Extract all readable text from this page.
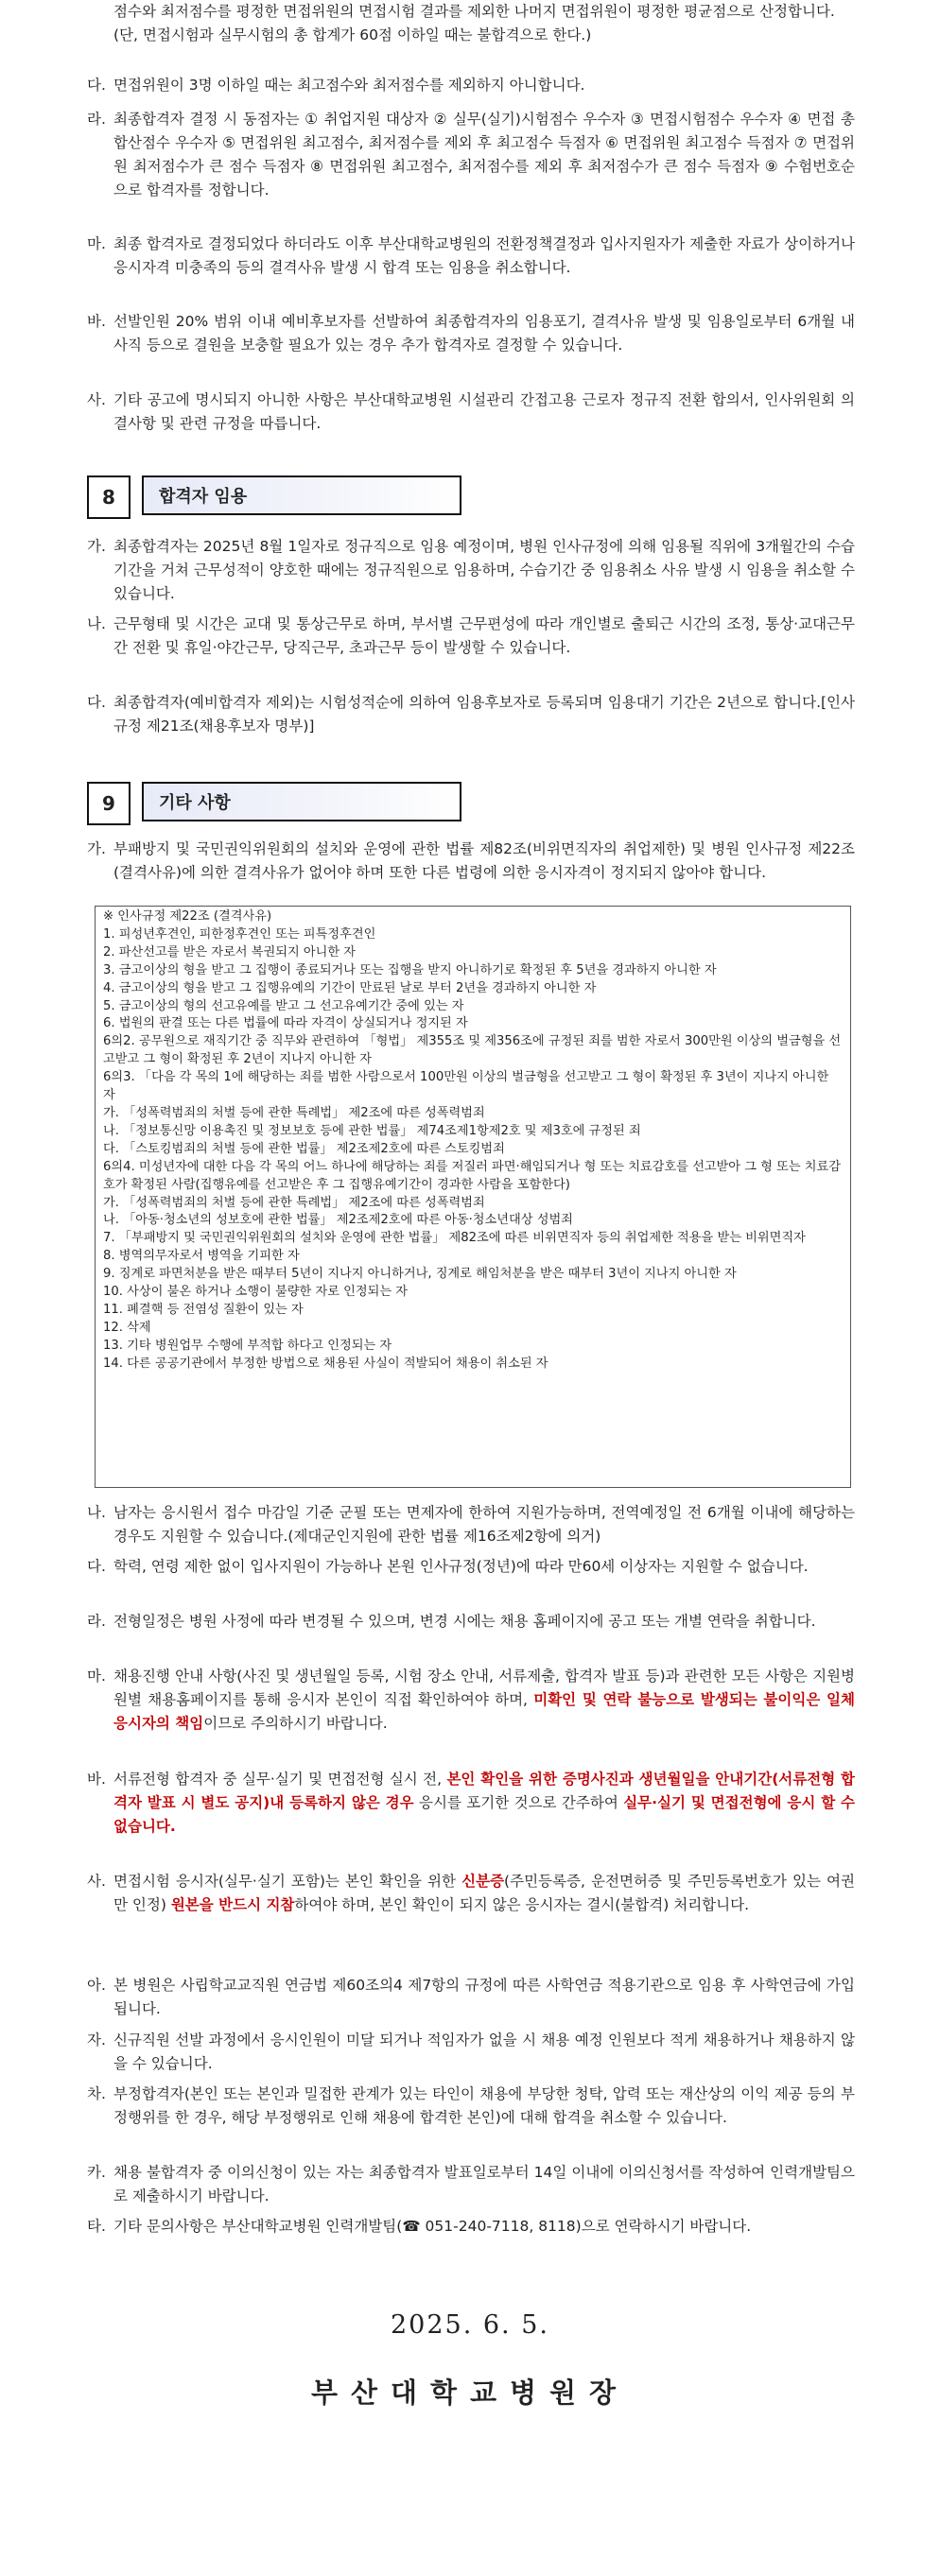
점수와 최저점수를 평정한 면접위원의 면접시험 결과를 제외한 나머지 면접위원이 평정한 평균점으로 산정합니다.(단, 면접시험과 실무시험의 총 합계가 60점 이하일 때는 불합격으로 한다.)
다. 면접위원이 3명 이하일 때는 최고점수와 최저점수를 제외하지 아니합니다.
라. 최종합격자 결정 시 동점자는 ① 취업지원 대상자 ② 실무(실기)시험점수 우수자 ③ 면접시험점수 우수자 ④ 면접 총 합산점수 우수자 ⑤ 면접위원 최고점수, 최저점수를 제외 후 최고점수 득점자 ⑥ 면접위원 최고점수 득점자 ⑦ 면접위원 최저점수가 큰 점수 득점자 ⑧ 면접위원 최고점수, 최저점수를 제외 후 최저점수가 큰 점수 득점자 ⑨ 수험번호순으로 합격자를 정합니다.
마. 최종 합격자로 결정되었다 하더라도 이후 부산대학교병원의 전환정책결정과 입사지원자가 제출한 자료가 상이하거나 응시자격 미충족의 등의 결격사유 발생 시 합격 또는 임용을 취소합니다.
바. 선발인원 20% 범위 이내 예비후보자를 선발하여 최종합격자의 임용포기, 결격사유 발생 및 임용일로부터 6개월 내 사직 등으로 결원을 보충할 필요가 있는 경우 추가 합격자로 결정할 수 있습니다.
사. 기타 공고에 명시되지 아니한 사항은 부산대학교병원 시설관리 간접고용 근로자 정규직 전환 합의서, 인사위원회 의결사항 및 관련 규정을 따릅니다.
8	합격자 임용
가. 최종합격자는 2025년 8월 1일자로 정규직으로 임용 예정이며, 병원 인사규정에 의해 임용될 직위에 3개월간의 수습기간을 거쳐 근무성적이 양호한 때에는 정규직원으로 임용하며, 수습기간 중 임용취소 사유 발생 시 임용을 취소할 수 있습니다.
나. 근무형태 및 시간은 교대 및 통상근무로 하며, 부서별 근무편성에 따라 개인별로 출퇴근 시간의 조정, 통상·교대근무 간 전환 및 휴일·야간근무, 당직근무, 초과근무 등이 발생할 수 있습니다.
다. 최종합격자(예비합격자 제외)는 시험성적순에 의하여 임용후보자로 등록되며 임용대기 기간은 2년으로 합니다.[인사규정 제21조(채용후보자 명부)]
9	기타 사항
가. 부패방지 및 국민권익위원회의 설치와 운영에 관한 법률 제82조(비위면직자의 취업제한) 및 병원 인사규정 제22조(결격사유)에 의한 결격사유가 없어야 하며 또한 다른 법령에 의한 응시자격이 정지되지 않아야 합니다.
※ 인사규정 제22조 (결격사유)
1. 피성년후견인, 피한정후견인 또는 피특정후견인
2. 파산선고를 받은 자로서 복권되지 아니한 자
3. 금고이상의 형을 받고 그 집행이 종료되거나 또는 집행을 받지 아니하기로 확정된 후 5년을 경과하지 아니한 자
4. 금고이상의 형을 받고 그 집행유예의 기간이 만료된 날로 부터 2년을 경과하지 아니한 자
5. 금고이상의 형의 선고유예를 받고 그 선고유예기간 중에 있는 자
6. 법원의 판결 또는 다른 법률에 따라 자격이 상실되거나 정지된 자
6의2. 공무원으로 재직기간 중 직무와 관련하여 「형법」 제355조 및 제356조에 규정된 죄를 범한 자로서 300만원 이상의 벌금형을 선고받고 그 형이 확정된 후 2년이 지나지 아니한 자
6의3. 「다음 각 목의 1에 해당하는 죄를 범한 사람으로서 100만원 이상의 벌금형을 선고받고 그 형이 확정된 후 3년이 지나지 아니한 자
가. 「성폭력범죄의 처벌 등에 관한 특례법」 제2조에 따른 성폭력범죄
나. 「정보통신망 이용촉진 및 정보보호 등에 관한 법률」 제74조제1항제2호 및 제3호에 규정된 죄
다. 「스토킹범죄의 처벌 등에 관한 법률」 제2조제2호에 따른 스토킹범죄
6의4. 미성년자에 대한 다음 각 목의 어느 하나에 해당하는 죄를 저질러 파면·해임되거나 형 또는 치료감호를 선고받아 그 형 또는 치료감호가 확정된 사람(집행유예를 선고받은 후 그 집행유예기간이 경과한 사람을 포함한다)
가. 「성폭력범죄의 처벌 등에 관한 특례법」 제2조에 따른 성폭력범죄
나. 「아동·청소년의 성보호에 관한 법률」 제2조제2호에 따른 아동·청소년대상 성범죄
7. 「부패방지 및 국민권익위원회의 설치와 운영에 관한 법률」 제82조에 따른 비위면직자 등의 취업제한 적용을 받는 비위면직자
8. 병역의무자로서 병역을 기피한 자
9. 징계로 파면처분을 받은 때부터 5년이 지나지 아니하거나, 징계로 해임처분을 받은 때부터 3년이 지나지 아니한 자
10. 사상이 불온 하거나 소행이 불량한 자로 인정되는 자
11. 폐결핵 등 전염성 질환이 있는 자
12. 삭제
13. 기타 병원업무 수행에 부적합 하다고 인정되는 자
14. 다른 공공기관에서 부정한 방법으로 채용된 사실이 적발되어 채용이 취소된 자
나. 남자는 응시원서 접수 마감일 기준 군필 또는 면제자에 한하여 지원가능하며, 전역예정일 전 6개월 이내에 해당하는 경우도 지원할 수 있습니다.(제대군인지원에 관한 법률 제16조제2항에 의거)
다. 학력, 연령 제한 없이 입사지원이 가능하나 본원 인사규정(정년)에 따라 만60세 이상자는 지원할 수 없습니다.
라. 전형일정은 병원 사정에 따라 변경될 수 있으며, 변경 시에는 채용 홈페이지에 공고 또는 개별 연락을 취합니다.
마. 채용진행 안내 사항(사진 및 생년월일 등록, 시험 장소 안내, 서류제출, 합격자 발표 등)과 관련한 모든 사항은 지원병원별 채용홈페이지를 통해 응시자 본인이 직접 확인하여야 하며, 미확인 및 연락 불능으로 발생되는 불이익은 일체 응시자의 책임이므로 주의하시기 바랍니다.
바. 서류전형 합격자 중 실무·실기 및 면접전형 실시 전, 본인 확인을 위한 증명사진과 생년월일을 안내기간(서류전형 합격자 발표 시 별도 공지)내 등록하지 않은 경우 응시를 포기한 것으로 간주하여 실무·실기 및 면접전형에 응시 할 수 없습니다.
사. 면접시험 응시자(실무·실기 포함)는 본인 확인을 위한 신분증(주민등록증, 운전면허증 및 주민등록번호가 있는 여권만 인정) 원본을 반드시 지참하여야 하며, 본인 확인이 되지 않은 응시자는 결시(불합격) 처리합니다.
아. 본 병원은 사립학교교직원 연금법 제60조의4 제7항의 규정에 따른 사학연금 적용기관으로 임용 후 사학연금에 가입됩니다.
자. 신규직원 선발 과정에서 응시인원이 미달 되거나 적임자가 없을 시 채용 예정 인원보다 적게 채용하거나 채용하지 않을 수 있습니다.
차. 부정합격자(본인 또는 본인과 밀접한 관계가 있는 타인이 채용에 부당한 청탁, 압력 또는 재산상의 이익 제공 등의 부정행위를 한 경우, 해당 부정행위로 인해 채용에 합격한 본인)에 대해 합격을 취소할 수 있습니다.
카. 채용 불합격자 중 이의신청이 있는 자는 최종합격자 발표일로부터 14일 이내에 이의신청서를 작성하여 인력개발팀으로 제출하시기 바랍니다.
타. 기타 문의사항은 부산대학교병원 인력개발팀(☎ 051-240-7118, 8118)으로 연락하시기 바랍니다.
2025. 6. 5.
부산대학교병원장
